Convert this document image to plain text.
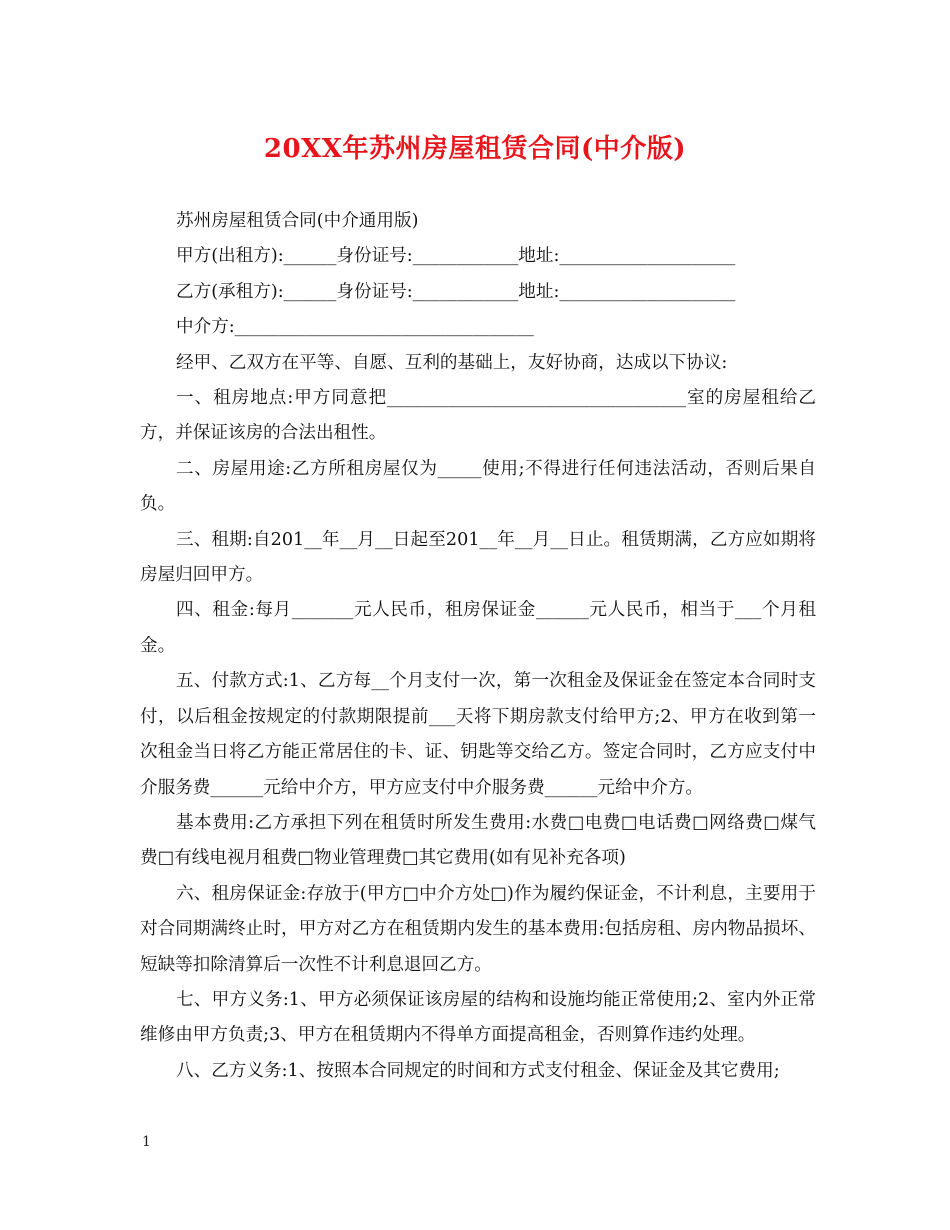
20XX年苏州房屋租赁合同(中介版)

苏州房屋租赁合同(中介通用版)

甲方(出租方):______身份证号:____________地址:____________________

乙方(承租方):______身份证号:____________地址:____________________

中介方:__________________________________

经甲、乙双方在平等、自愿、互利的基础上，友好协商，达成以下协议:

一、租房地点:甲方同意把__________________________________室的房屋租给乙方，并保证该房的合法出租性。

二、房屋用途:乙方所租房屋仅为_____使用;不得进行任何违法活动，否则后果自负。

三、租期:自201__年__月__日起至201__年__月__日止。租赁期满，乙方应如期将房屋归回甲方。

四、租金:每月_______元人民币，租房保证金______元人民币，相当于___个月租金。

五、付款方式:1、乙方每__个月支付一次，第一次租金及保证金在签定本合同时支付，以后租金按规定的付款期限提前___天将下期房款支付给甲方;2、甲方在收到第一次租金当日将乙方能正常居住的卡、证、钥匙等交给乙方。签定合同时，乙方应支付中介服务费______元给中介方，甲方应支付中介服务费______元给中介方。

基本费用:乙方承担下列在租赁时所发生费用:水费□电费□电话费□网络费□煤气费□有线电视月租费□物业管理费□其它费用(如有见补充各项)

六、租房保证金:存放于(甲方□中介方处□)作为履约保证金，不计利息，主要用于对合同期满终止时，甲方对乙方在租赁期内发生的基本费用:包括房租、房内物品损坏、短缺等扣除清算后一次性不计利息退回乙方。

七、甲方义务:1、甲方必须保证该房屋的结构和设施均能正常使用;2、室内外正常维修由甲方负责;3、甲方在租赁期内不得单方面提高租金，否则算作违约处理。

八、乙方义务:1、按照本合同规定的时间和方式支付租金、保证金及其它费用;

1
